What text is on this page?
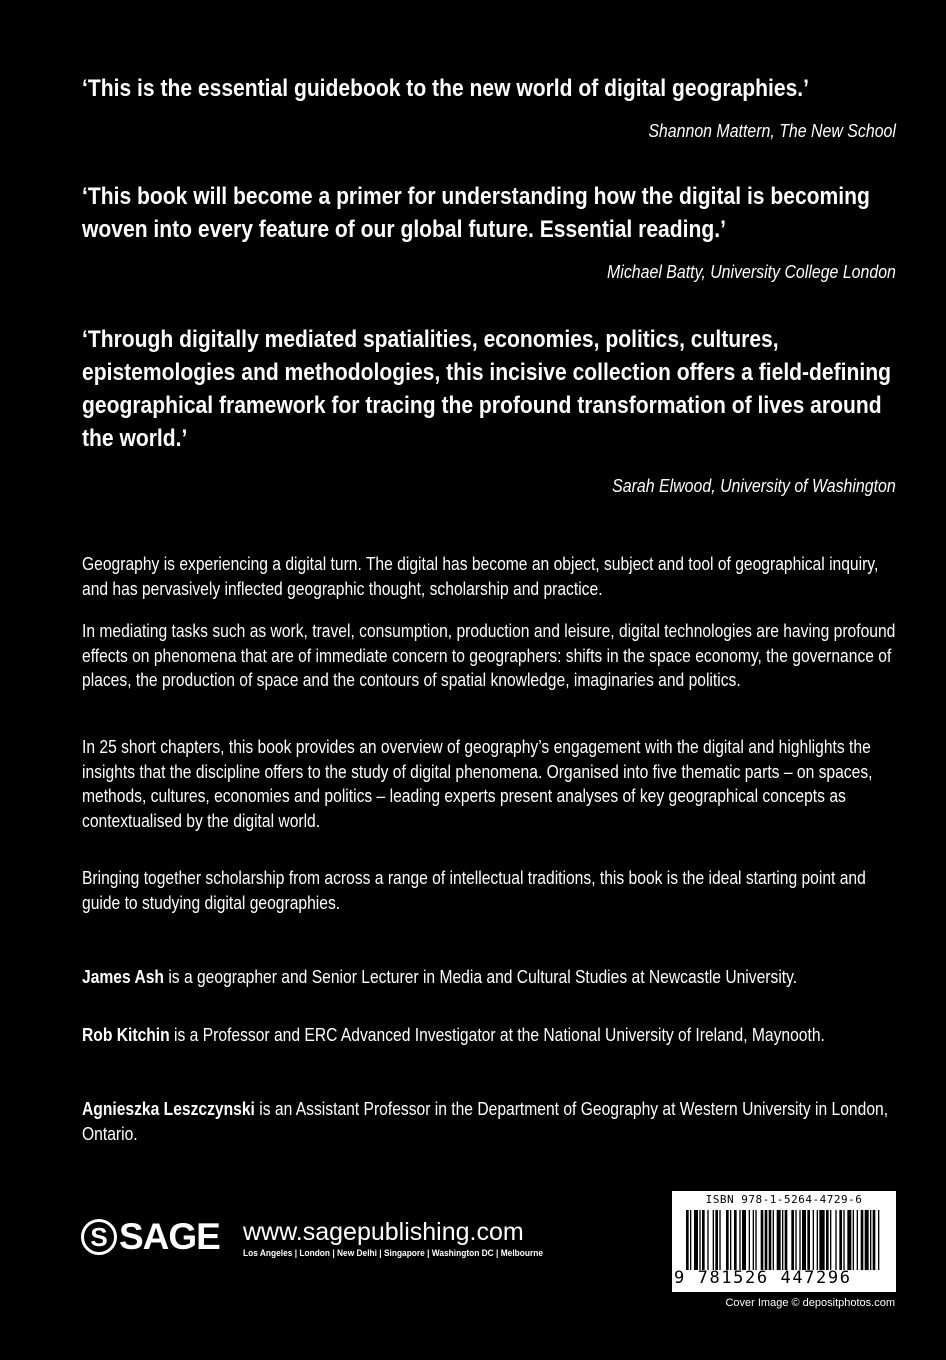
‘This is the essential guidebook to the new world of digital geographies.’
Shannon Mattern, The New School
‘This book will become a primer for understanding how the digital is becoming woven into every feature of our global future. Essential reading.’
Michael Batty, University College London
‘Through digitally mediated spatialities, economies, politics, cultures, epistemologies and methodologies, this incisive collection offers a field-defining geographical framework for tracing the profound transformation of lives around the world.’
Sarah Elwood, University of Washington
Geography is experiencing a digital turn. The digital has become an object, subject and tool of geographical inquiry, and has pervasively inflected geographic thought, scholarship and practice.
In mediating tasks such as work, travel, consumption, production and leisure, digital technologies are having profound effects on phenomena that are of immediate concern to geographers: shifts in the space economy, the governance of places, the production of space and the contours of spatial knowledge, imaginaries and politics.
In 25 short chapters, this book provides an overview of geography’s engagement with the digital and highlights the insights that the discipline offers to the study of digital phenomena. Organised into five thematic parts – on spaces, methods, cultures, economies and politics – leading experts present analyses of key geographical concepts as contextualised by the digital world.
Bringing together scholarship from across a range of intellectual traditions, this book is the ideal starting point and guide to studying digital geographies.
James Ash is a geographer and Senior Lecturer in Media and Cultural Studies at Newcastle University.
Rob Kitchin is a Professor and ERC Advanced Investigator at the National University of Ireland, Maynooth.
Agnieszka Leszczynski is an Assistant Professor in the Department of Geography at Western University in London, Ontario.
S SAGE www.sagepublishing.com
Los Angeles | London | New Delhi | Singapore | Washington DC | Melbourne
ISBN 978-1-5264-4729-6
9 781526 447296
Cover Image © depositphotos.com
